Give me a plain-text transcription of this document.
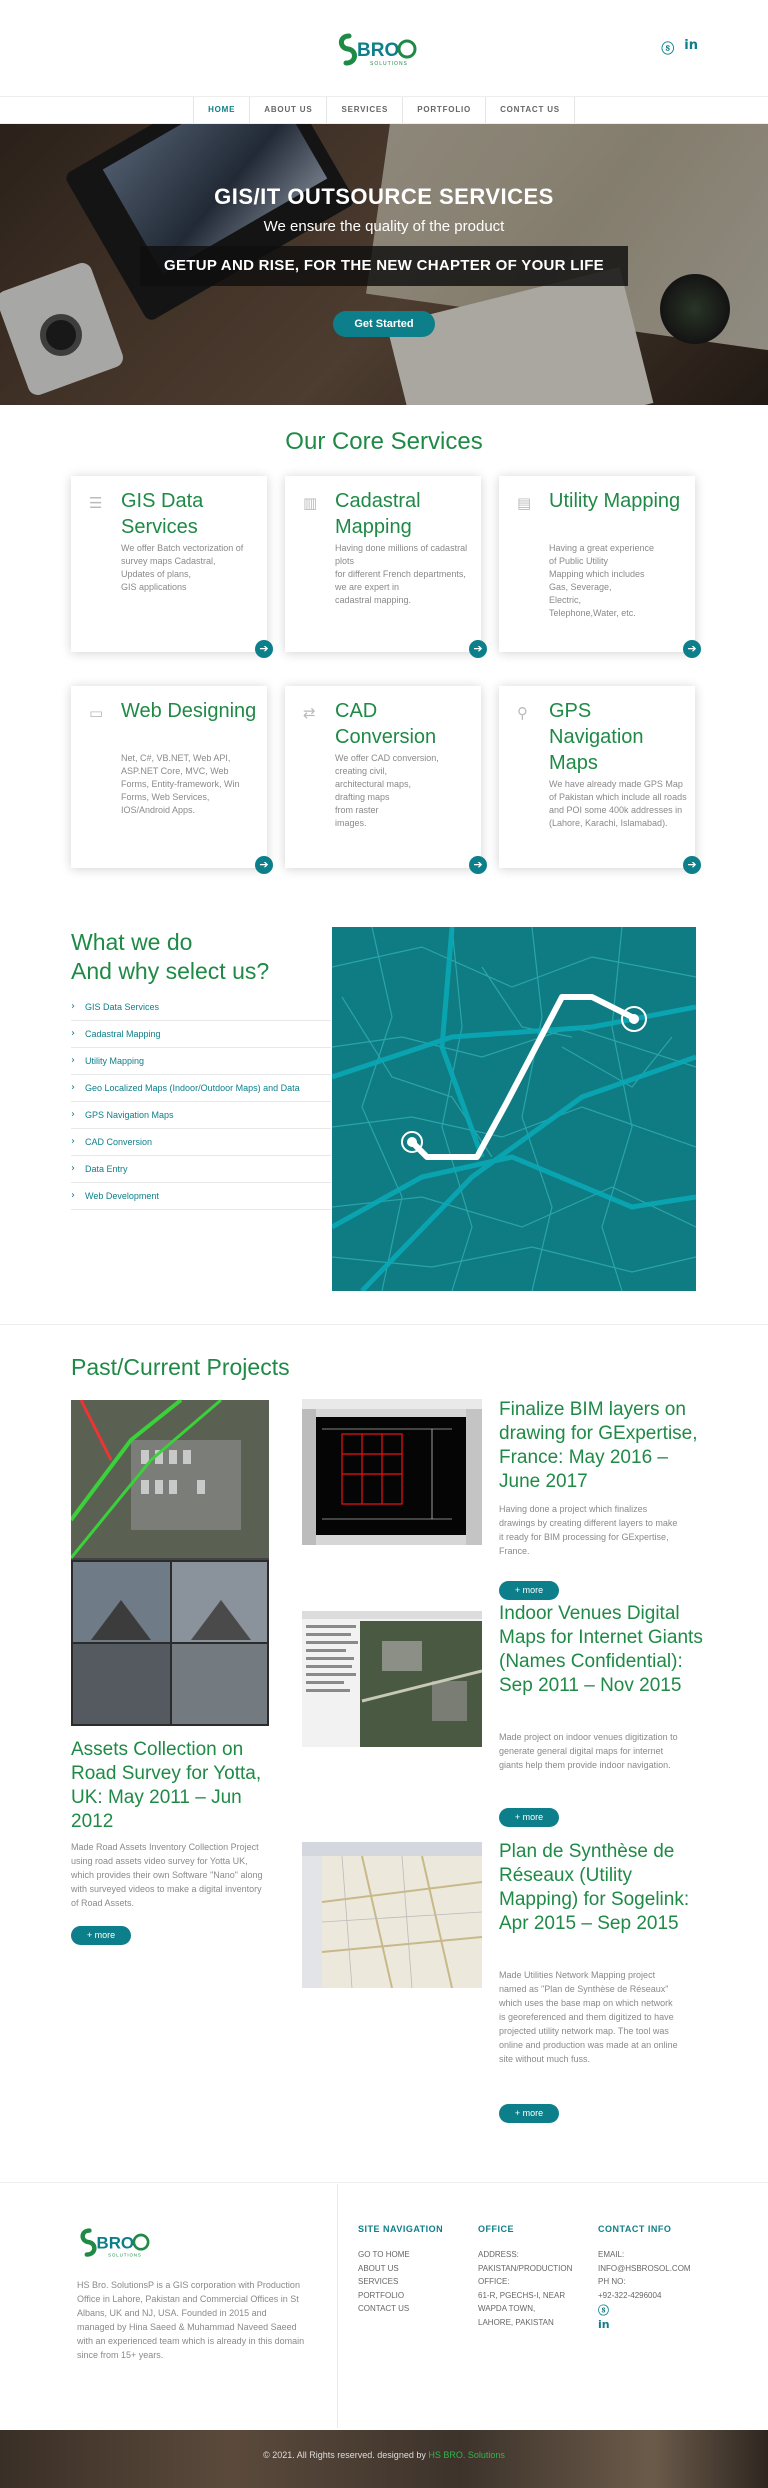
BRO
SOLUTIONS
ⓢ in
HOME	ABOUT US	SERVICES	PORTFOLIO	CONTACT US
GIS/IT OUTSOURCE SERVICES
We ensure the quality of the product
GETUP AND RISE, FOR THE NEW CHAPTER OF YOUR LIFE
Get Started
Our Core Services
☰ GIS Data Services
We offer Batch vectorization of survey maps Cadastral,
Updates of plans,
GIS applications
➔
▥ Cadastral Mapping
Having done millions of cadastral plots
for different French departments,
we are expert in
cadastral mapping.
➔
▤ Utility Mapping
Having a great experience
of Public Utility
Mapping which includes
Gas, Severage,
Electric,
Telephone,Water, etc.
➔
▭ Web Designing
Net, C#, VB.NET, Web API, ASP.NET Core, MVC, Web Forms, Entity-framework, Win Forms, Web Services, IOS/Android Apps.
➔
⇄ CAD Conversion
We offer CAD conversion,
creating civil,
architectural maps,
drafting maps
from raster
images.
➔
⚲ GPS Navigation Maps
We have already made GPS Map of Pakistan which include all roads and POI some 400k addresses in (Lahore, Karachi, Islamabad).
➔
What we do
And why select us?
› GIS Data Services
› Cadastral Mapping
› Utility Mapping
› Geo Localized Maps (Indoor/Outdoor Maps) and Data
› GPS Navigation Maps
› CAD Conversion
› Data Entry
› Web Development
Past/Current Projects
Assets Collection on Road Survey for Yotta, UK: May 2011 – Jun 2012
Made Road Assets Inventory Collection Project using road assets video survey for Yotta UK, which provides their own Software "Nano" along with surveyed videos to make a digital inventory of Road Assets.
+ more
Finalize BIM layers on drawing for GExpertise, France: May 2016 – June 2017
Having done a project which finalizes drawings by creating different layers to make it ready for BIM processing for GExpertise, France.
+ more
Indoor Venues Digital Maps for Internet Giants (Names Confidential): Sep 2011 – Nov 2015
Made project on indoor venues digitization to generate general digital maps for internet giants help them provide indoor navigation.
+ more
Plan de Synthèse de Réseaux (Utility Mapping) for Sogelink: Apr 2015 – Sep 2015
Made Utilities Network Mapping project named as "Plan de Synthèse de Réseaux" which uses the base map on which network is georeferenced and them digitized to have projected utility network map. The tool was online and production was made at an online site without much fuss.
+ more
BRO
SOLUTIONS
HS Bro. SolutionsP is a GIS corporation with Production Office in Lahore, Pakistan and Commercial Offices in St Albans, UK and NJ, USA. Founded in 2015 and managed by Hina Saeed & Muhammad Naveed Saeed with an experienced team which is already in this domain since from 15+ years.
SITE NAVIGATION
GO TO HOME
ABOUT US
SERVICES
PORTFOLIO
CONTACT US
OFFICE
ADDRESS:
PAKISTAN/PRODUCTION
OFFICE:
61-R, PGECHS-I, NEAR
WAPDA TOWN,
LAHORE, PAKISTAN
CONTACT INFO
EMAIL:
INFO@HSBROSOL.COM
PH NO:
+92-322-4296004
ⓢ
in
© 2021. All Rights reserved. designed by HS BRO. Solutions
